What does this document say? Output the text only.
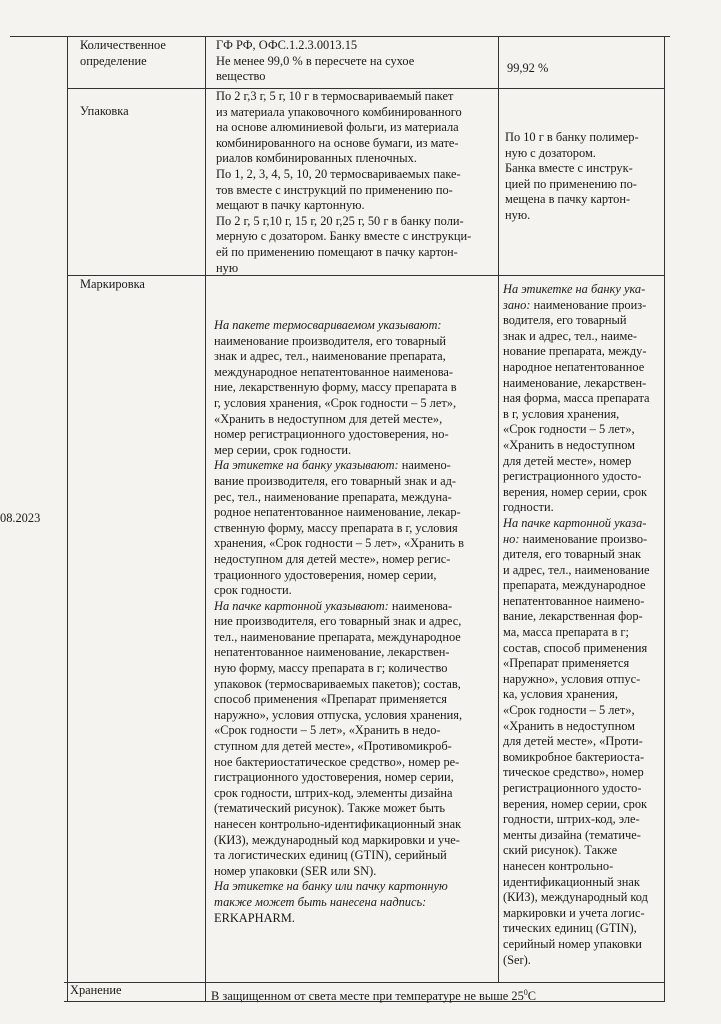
08.2023

Количественное

определение

ГФ РФ, ОФС.1.2.3.0013.15

Не менее 99,0 % в пересчете на сухое

вещество

99,92 %
Упаковка

По 2 г,3 г, 5 г, 10 г в термосвариваемый пакет

из материала упаковочного комбинированного

на основе алюминиевой фольги, из материала

комбинированного на основе бумаги, из мате-

риалов комбинированных пленочных.

По 1, 2, 3, 4, 5, 10, 20 термосвариваемых паке-

тов вместе с инструкций по применению по-

мещают в пачку картонную.

По 2 г, 5 г,10 г, 15 г, 20 г,25 г, 50 г в банку поли-

мерную с дозатором. Банку вместе с инструкци-

ей по применению помещают в пачку картон-

ную

По 10 г в банку полимер-

ную с дозатором.

Банка вместе с инструк-

цией по применению по-

мещена в пачку картон-

ную.

Маркировка

На пакете термосвариваемом указывают:

наименование производителя, его товарный

знак и адрес, тел., наименование препарата,

международное непатентованное наименова-

ние, лекарственную форму, массу препарата в

г, условия хранения, «Срок годности – 5 лет»,

«Хранить в недоступном для детей месте»,

номер регистрационного удостоверения, но-

мер серии, срок годности.

На этикетке на банку указывают: наимено-

вание производителя, его товарный знак и ад-

рес, тел., наименование препарата, междуна-

родное непатентованное наименование, лекар-

ственную форму, массу препарата в г, условия

хранения, «Срок годности – 5 лет», «Хранить в

недоступном для детей месте», номер регис-

трационного удостоверения, номер серии,

срок годности.

На пачке картонной указывают: наименова-

ние производителя, его товарный знак и адрес,

тел., наименование препарата, международное

непатентованное наименование, лекарствен-

ную форму, массу препарата в г; количество

упаковок (термосвариваемых пакетов); состав,

способ применения «Препарат применяется

наружно», условия отпуска, условия хранения,

«Срок годности – 5 лет», «Хранить в недо-

ступном для детей месте», «Противомикроб-

ное бактериостатическое средство», номер ре-

гистрационного удостоверения, номер серии,

срок годности, штрих-код, элементы дизайна

(тематический рисунок). Также может быть

нанесен контрольно-идентификационный знак

(КИЗ), международный код маркировки и уче-

та логистических единиц (GTIN), серийный

номер упаковки (SER или SN).

На этикетке на банку или пачку картонную

также может быть нанесена надпись:

ERKAPHARM.

На этикетке на банку ука-

зано: наименование произ-

водителя, его товарный

знак и адрес, тел., наиме-

нование препарата, между-

народное непатентованное

наименование, лекарствен-

ная форма, масса препарата

в г, условия хранения,

«Срок годности – 5 лет»,

«Хранить в недоступном

для детей месте», номер

регистрационного удосто-

верения, номер серии, срок

годности.

На пачке картонной указа-

но: наименование произво-

дителя, его товарный знак

и адрес, тел., наименование

препарата, международное

непатентованное наимено-

вание, лекарственная фор-

ма, масса препарата в г;

состав, способ применения

«Препарат применяется

наружно», условия отпус-

ка, условия хранения,

«Срок годности – 5 лет»,

«Хранить в недоступном

для детей месте», «Проти-

вомикробное бактериоста-

тическое средство», номер

регистрационного удосто-

верения, номер серии, срок

годности, штрих-код, эле-

менты дизайна (тематиче-

ский рисунок). Также

нанесен контрольно-

идентификационный знак

(КИЗ), международный код

маркировки и учета логис-

тических единиц (GTIN),

серийный номер упаковки

(Ser).

Хранение	В защищенном от света месте при температуре не выше $25^0С$
